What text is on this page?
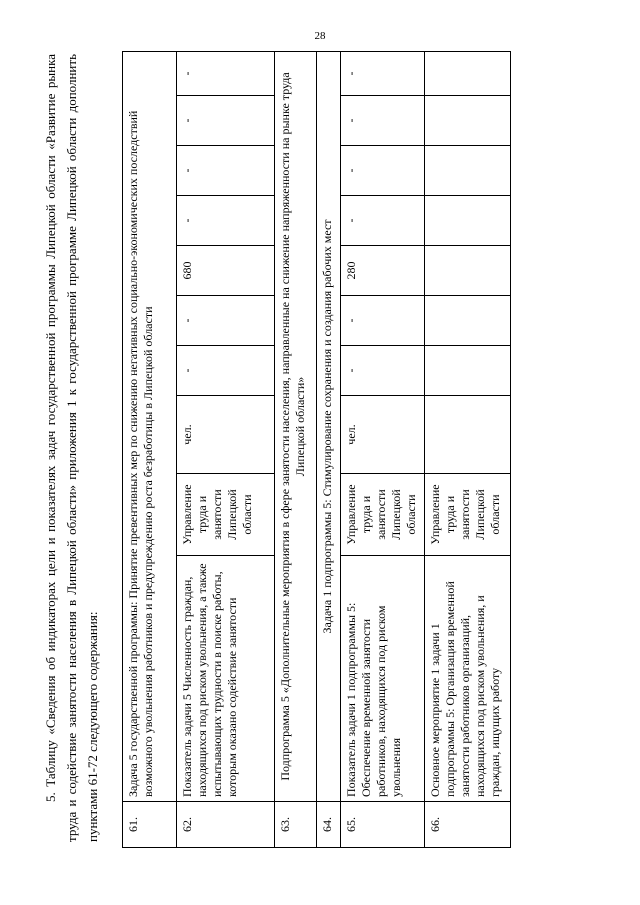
28

5. Таблицу «Сведения об индикаторах цели и показателях задач государственной программы Липецкой области «Развитие рынка труда и содействие занятости населения в Липецкой области» приложения 1 к государственной программе Липецкой области дополнить пунктами 61-72 следующего содержания: 61.	Задача 5 государственной программы: Принятие превентивных мер по снижению негативных социально-экономических последствий возможного увольнения работников и предупреждению роста безработицы в Липецкой области									
62.	Показатель задачи 5 Численность граждан, находящихся под риском увольнения, а также испытывающих трудности в поиске работы, которым оказано содействие занятости	Управление труда и занятости Липецкой области	чел.	-	-	680	-	-	-	-
63.	Подпрограмма 5 «Дополнительные мероприятия в сфере занятости населения, направленные на снижение напряженности на рынке труда Липецкой области»									
64.	Задача 1 подпрограммы 5: Стимулирование сохранения и создания рабочих мест									
65.	Показатель задачи 1 подпрограммы 5: Обеспечение временной занятости работников, находящихся под риском увольнения	Управление труда и занятости Липецкой области	чел.	-	-	280	-	-	-	-
66.	Основное мероприятие 1 задачи 1 подпрограммы 5: Организация временной занятости работников организаций, находящихся под риском увольнения, и граждан, ищущих работу	Управление труда и занятости Липецкой области								
